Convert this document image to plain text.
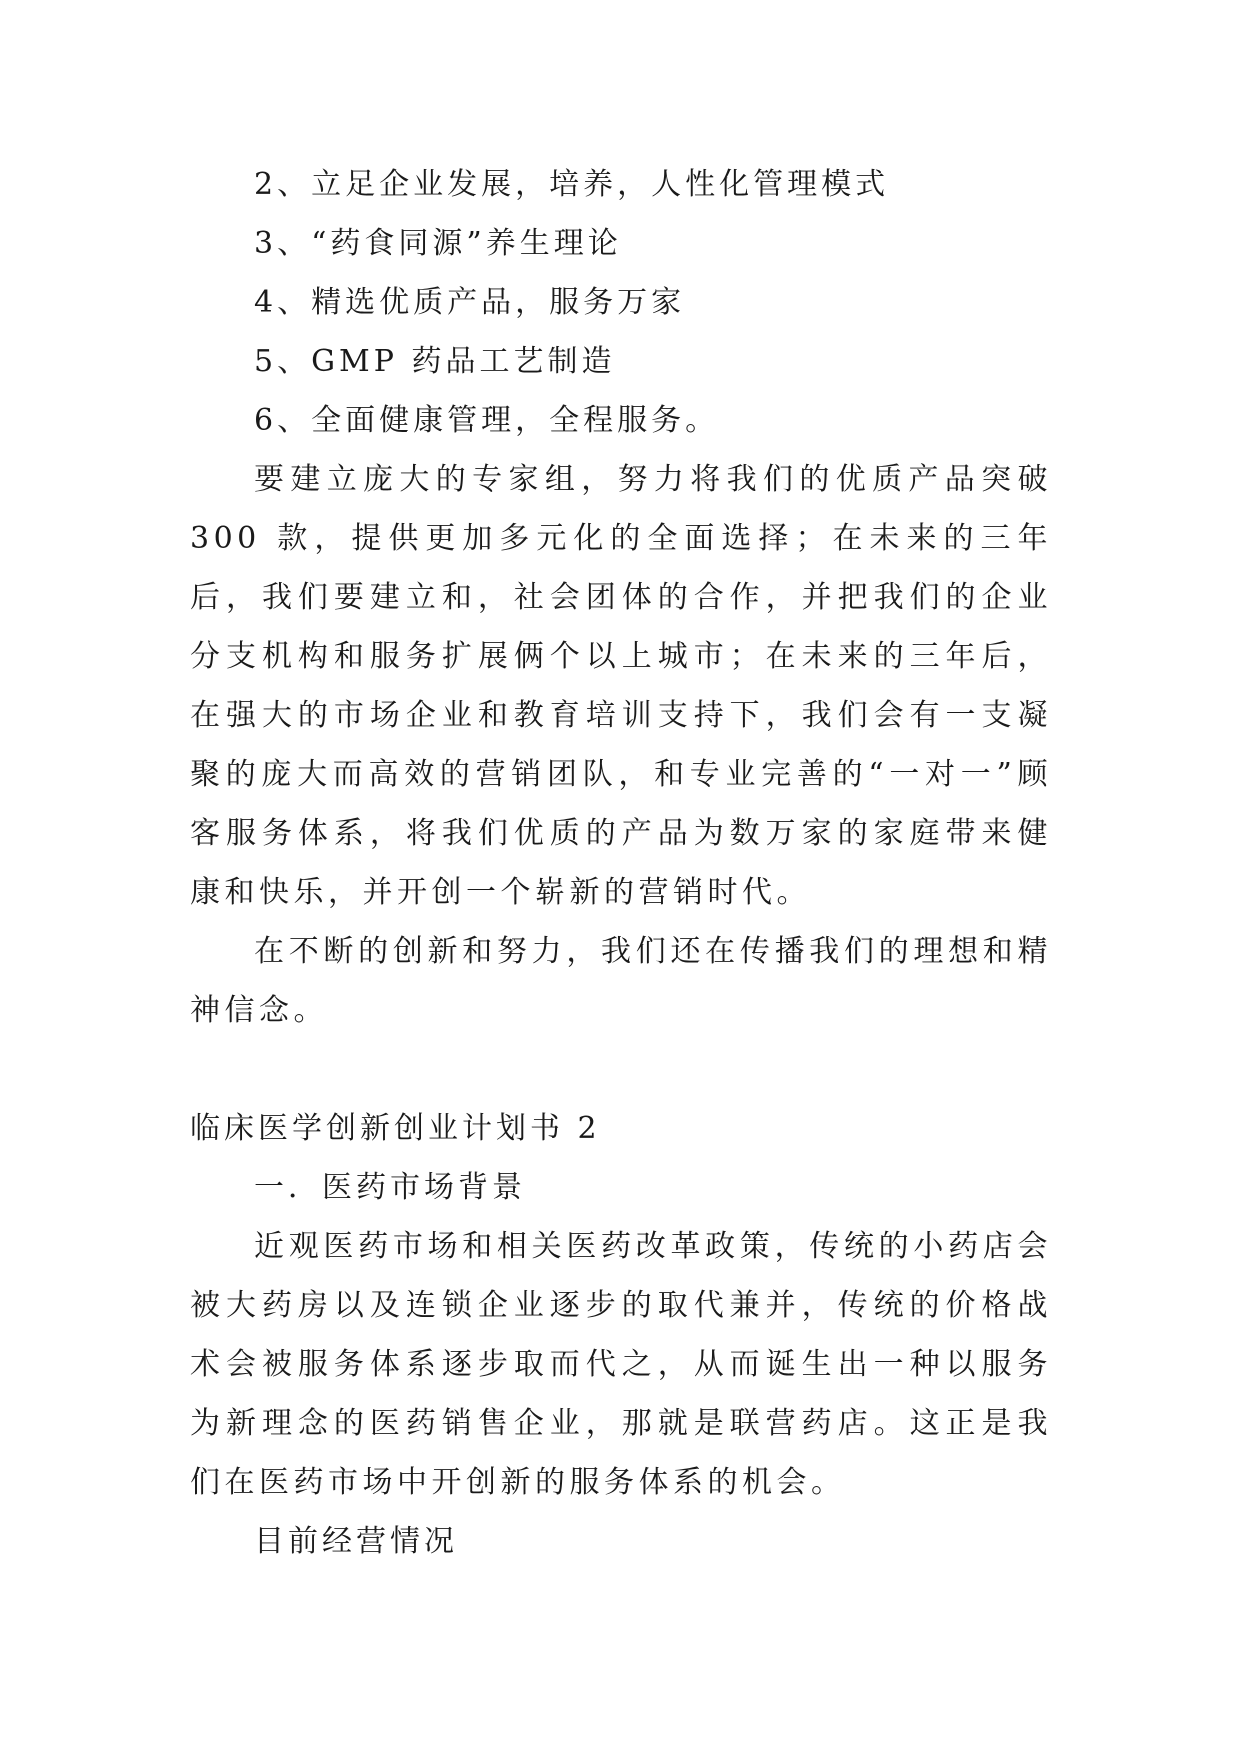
2、立足企业发展，培养，人性化管理模式
3、“药食同源”养生理论
4、精选优质产品，服务万家
5、GMP 药品工艺制造
6、全面健康管理，全程服务。

要建立庞大的专家组，努力将我们的优质产品突破 300 款，提供更加多元化的全面选择；在未来的三年后，我们要建立和，社会团体的合作，并把我们的企业分支机构和服务扩展俩个以上城市；在未来的三年后，在强大的市场企业和教育培训支持下，我们会有一支凝聚的庞大而高效的营销团队，和专业完善的“一对一”顾客服务体系，将我们优质的产品为数万家的家庭带来健康和快乐，并开创一个崭新的营销时代。

在不断的创新和努力，我们还在传播我们的理想和精神信念。

临床医学创新创业计划书 2
一．医药市场背景

近观医药市场和相关医药改革政策，传统的小药店会被大药房以及连锁企业逐步的取代兼并，传统的价格战术会被服务体系逐步取而代之，从而诞生出一种以服务为新理念的医药销售企业，那就是联营药店。这正是我们在医药市场中开创新的服务体系的机会。

目前经营情况
